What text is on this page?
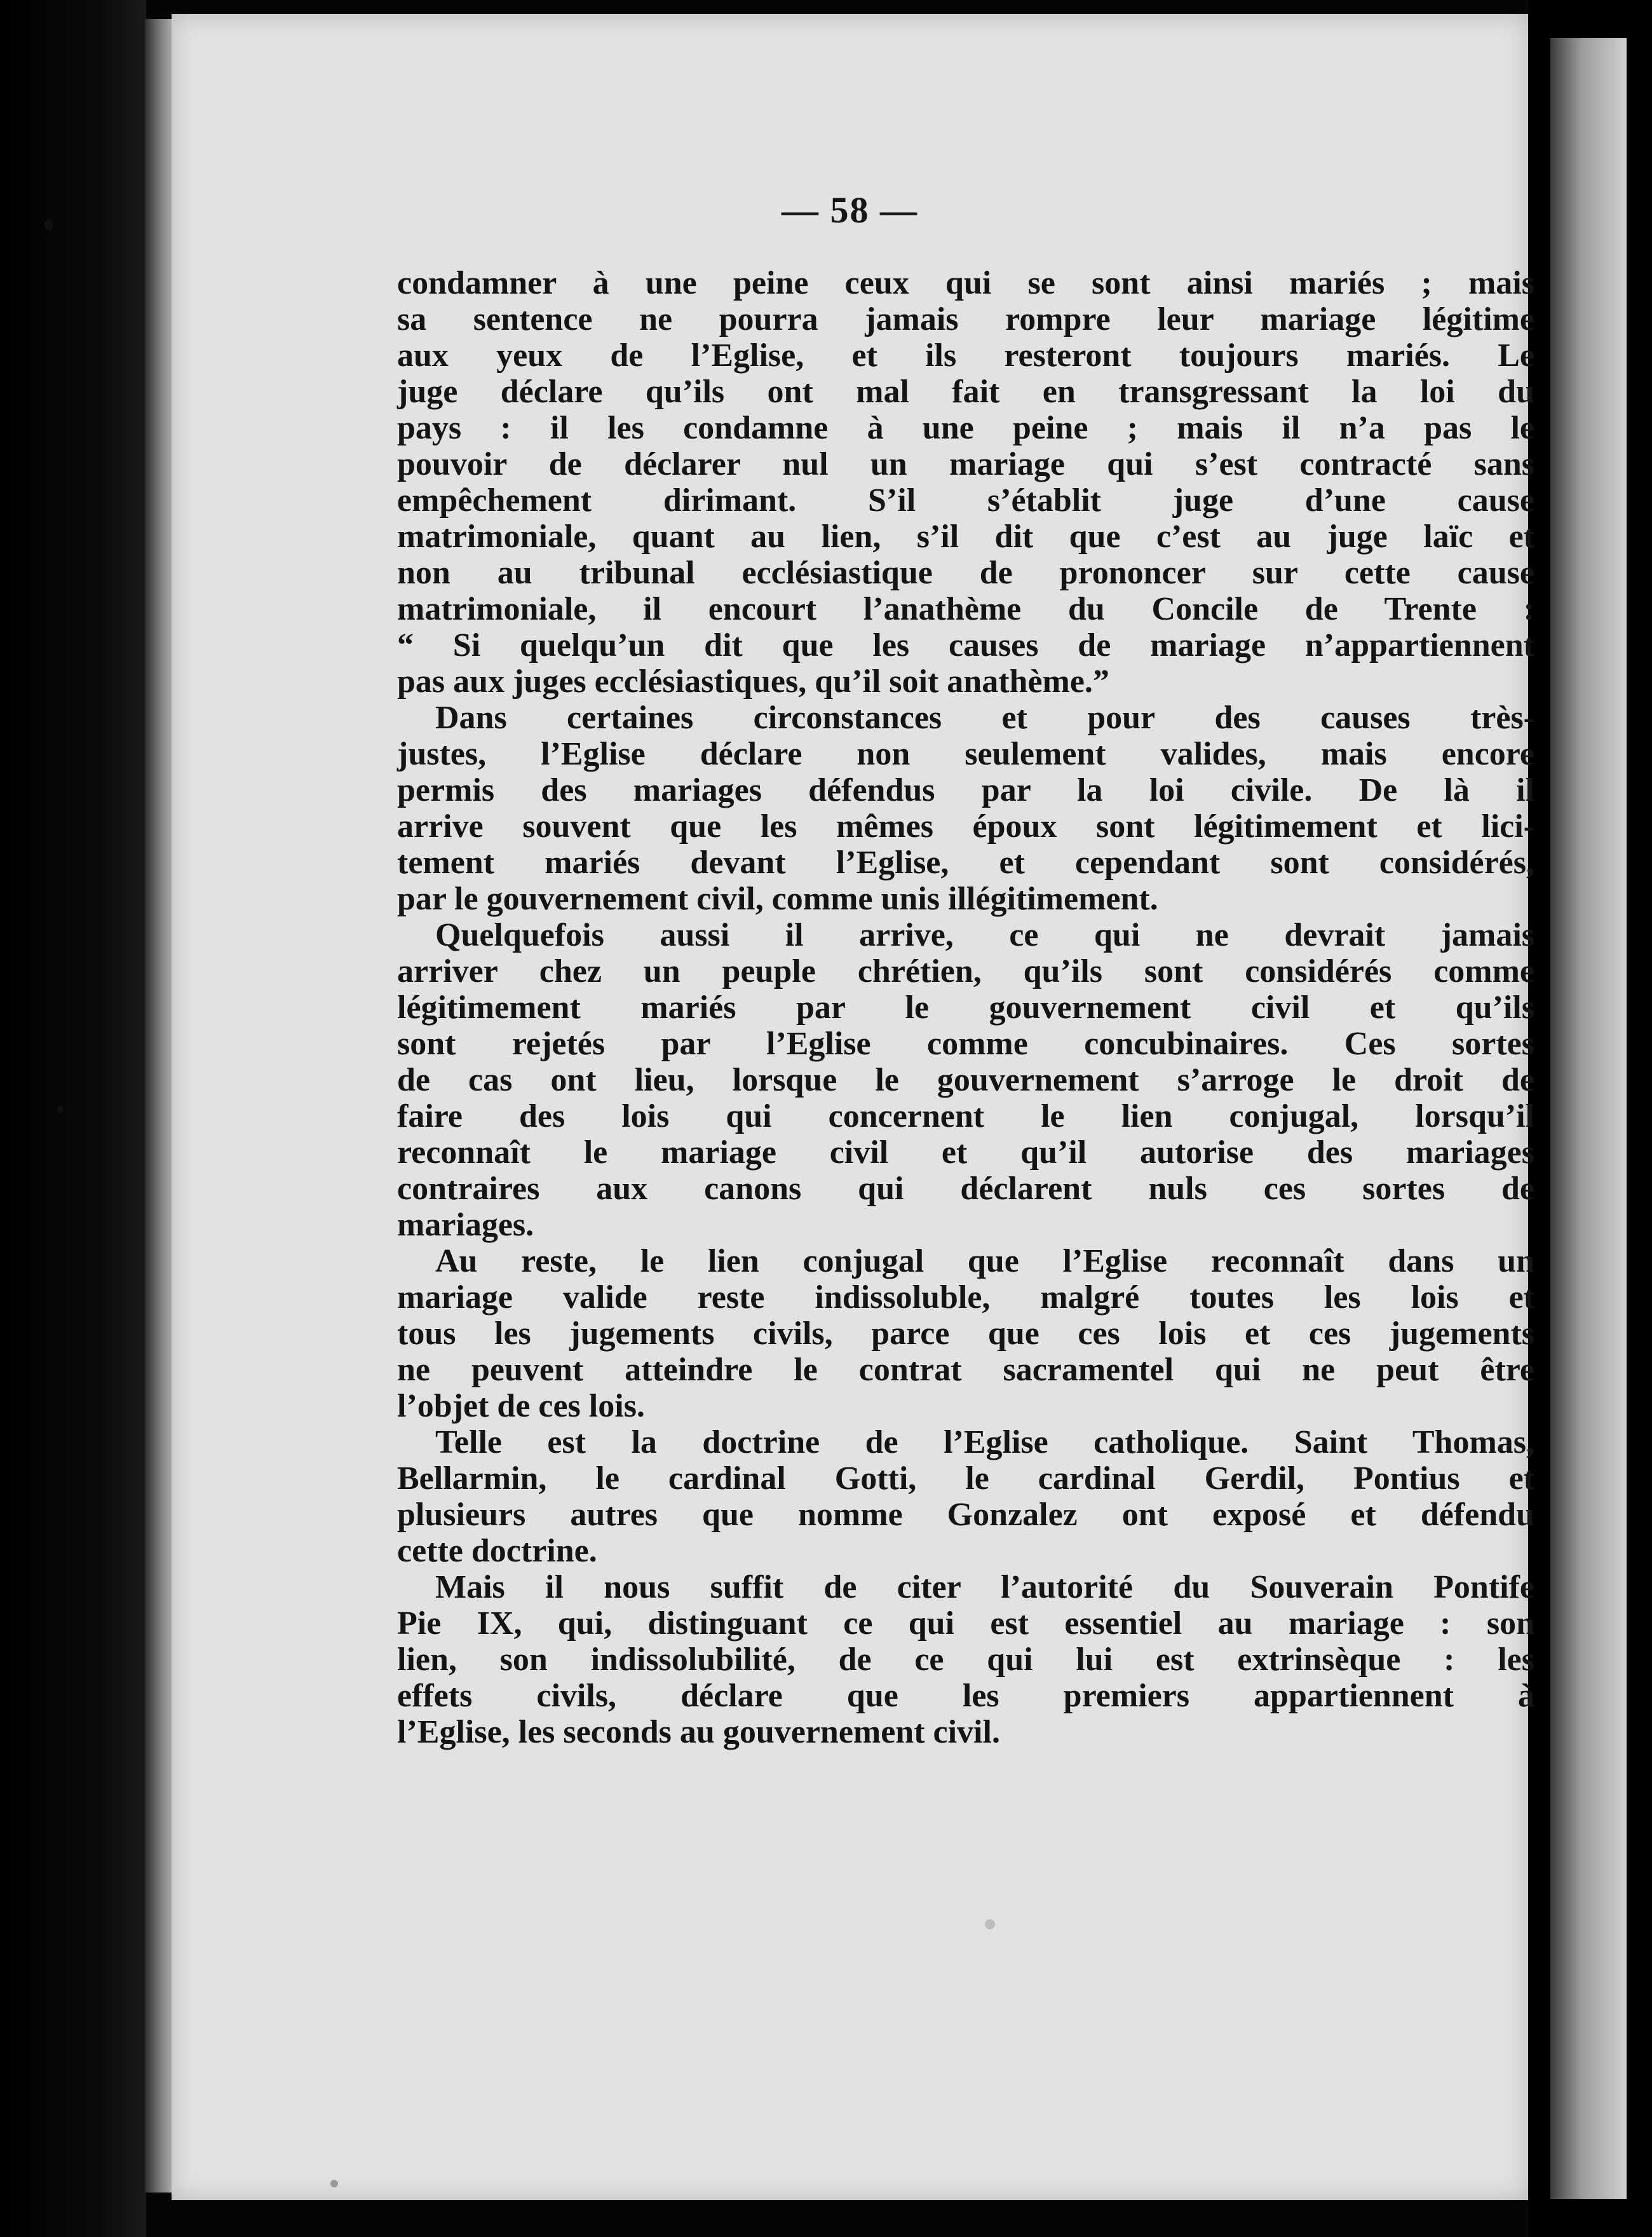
— 58 —
condamner à une peine ceux qui se sont ainsi mariés ; mais
sa sentence ne pourra jamais rompre leur mariage légitime
aux yeux de l’Eglise, et ils resteront toujours mariés. Le
juge déclare qu’ils ont mal fait en transgressant la loi du
pays : il les condamne à une peine ; mais il n’a pas le
pouvoir de déclarer nul un mariage qui s’est contracté sans
empêchement dirimant. S’il s’établit juge d’une cause
matrimoniale, quant au lien, s’il dit que c’est au juge laïc et
non au tribunal ecclésiastique de prononcer sur cette cause
matrimoniale, il encourt l’anathème du Concile de Trente :
“ Si quelqu’un dit que les causes de mariage n’appartiennent
pas aux juges ecclésiastiques, qu’il soit anathème.”
Dans certaines circonstances et pour des causes très-
justes, l’Eglise déclare non seulement valides, mais encore
permis des mariages défendus par la loi civile. De là il
arrive souvent que les mêmes époux sont légitimement et lici-
tement mariés devant l’Eglise, et cependant sont considérés,
par le gouvernement civil, comme unis illégitimement.
Quelquefois aussi il arrive, ce qui ne devrait jamais
arriver chez un peuple chrétien, qu’ils sont considérés comme
légitimement mariés par le gouvernement civil et qu’ils
sont rejetés par l’Eglise comme concubinaires. Ces sortes
de cas ont lieu, lorsque le gouvernement s’arroge le droit de
faire des lois qui concernent le lien conjugal, lorsqu’il
reconnaît le mariage civil et qu’il autorise des mariages
contraires aux canons qui déclarent nuls ces sortes de
mariages.
Au reste, le lien conjugal que l’Eglise reconnaît dans un
mariage valide reste indissoluble, malgré toutes les lois et
tous les jugements civils, parce que ces lois et ces jugements
ne peuvent atteindre le contrat sacramentel qui ne peut être
l’objet de ces lois.
Telle est la doctrine de l’Eglise catholique. Saint Thomas,
Bellarmin, le cardinal Gotti, le cardinal Gerdil, Pontius et
plusieurs autres que nomme Gonzalez ont exposé et défendu
cette doctrine.
Mais il nous suffit de citer l’autorité du Souverain Pontife
Pie IX, qui, distinguant ce qui est essentiel au mariage : son
lien, son indissolubilité, de ce qui lui est extrinsèque : les
effets civils, déclare que les premiers appartiennent à
l’Eglise, les seconds au gouvernement civil.
